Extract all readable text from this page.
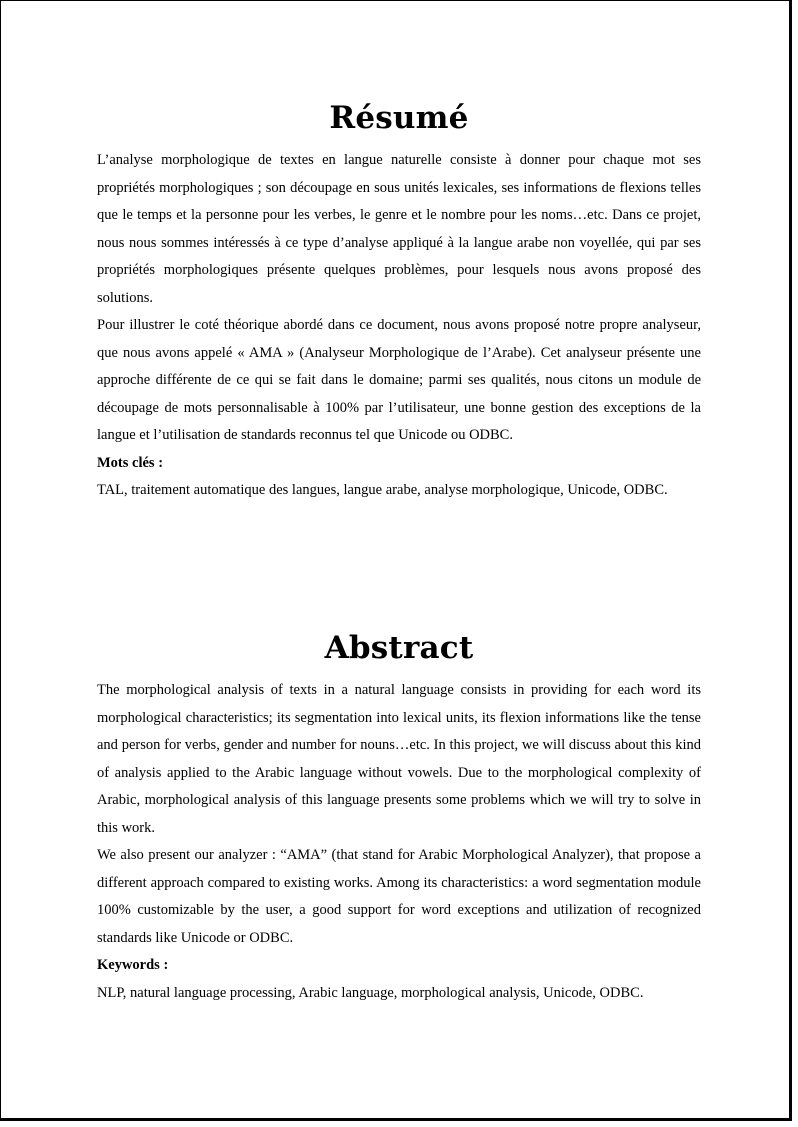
Résumé

L’analyse morphologique de textes en langue naturelle consiste à donner pour chaque mot ses propriétés morphologiques ; son découpage en sous unités lexicales, ses informations de flexions telles que le temps et la personne pour les verbes, le genre et le nombre pour les noms…etc. Dans ce projet, nous nous sommes intéressés à ce type d’analyse appliqué à la langue arabe non voyellée, qui par ses propriétés morphologiques présente quelques problèmes, pour lesquels nous avons proposé des solutions.

Pour illustrer le coté théorique abordé dans ce document, nous avons proposé notre propre analyseur, que nous avons appelé « AMA » (Analyseur Morphologique de l’Arabe). Cet analyseur présente une approche différente de ce qui se fait dans le domaine; parmi ses qualités, nous citons un module de découpage de mots personnalisable à 100% par l’utilisateur, une bonne gestion des exceptions de la langue et l’utilisation de standards reconnus tel que Unicode ou ODBC.

Mots clés :

TAL, traitement automatique des langues, langue arabe, analyse morphologique, Unicode, ODBC.

Abstract

The morphological analysis of texts in a natural language consists in providing for each word its morphological characteristics; its segmentation into lexical units, its flexion informations like the tense and person for verbs, gender and number for nouns…etc. In this project, we will discuss about this kind of analysis applied to the Arabic language without vowels. Due to the morphological complexity of Arabic, morphological analysis of this language presents some problems which we will try to solve in this work.

We also present our analyzer : “AMA” (that stand for Arabic Morphological Analyzer), that propose a different approach compared to existing works. Among its characteristics: a word segmentation module 100% customizable by the user, a good support for word exceptions and utilization of recognized standards like Unicode or ODBC.

Keywords :

NLP, natural language processing, Arabic language, morphological analysis, Unicode, ODBC.
